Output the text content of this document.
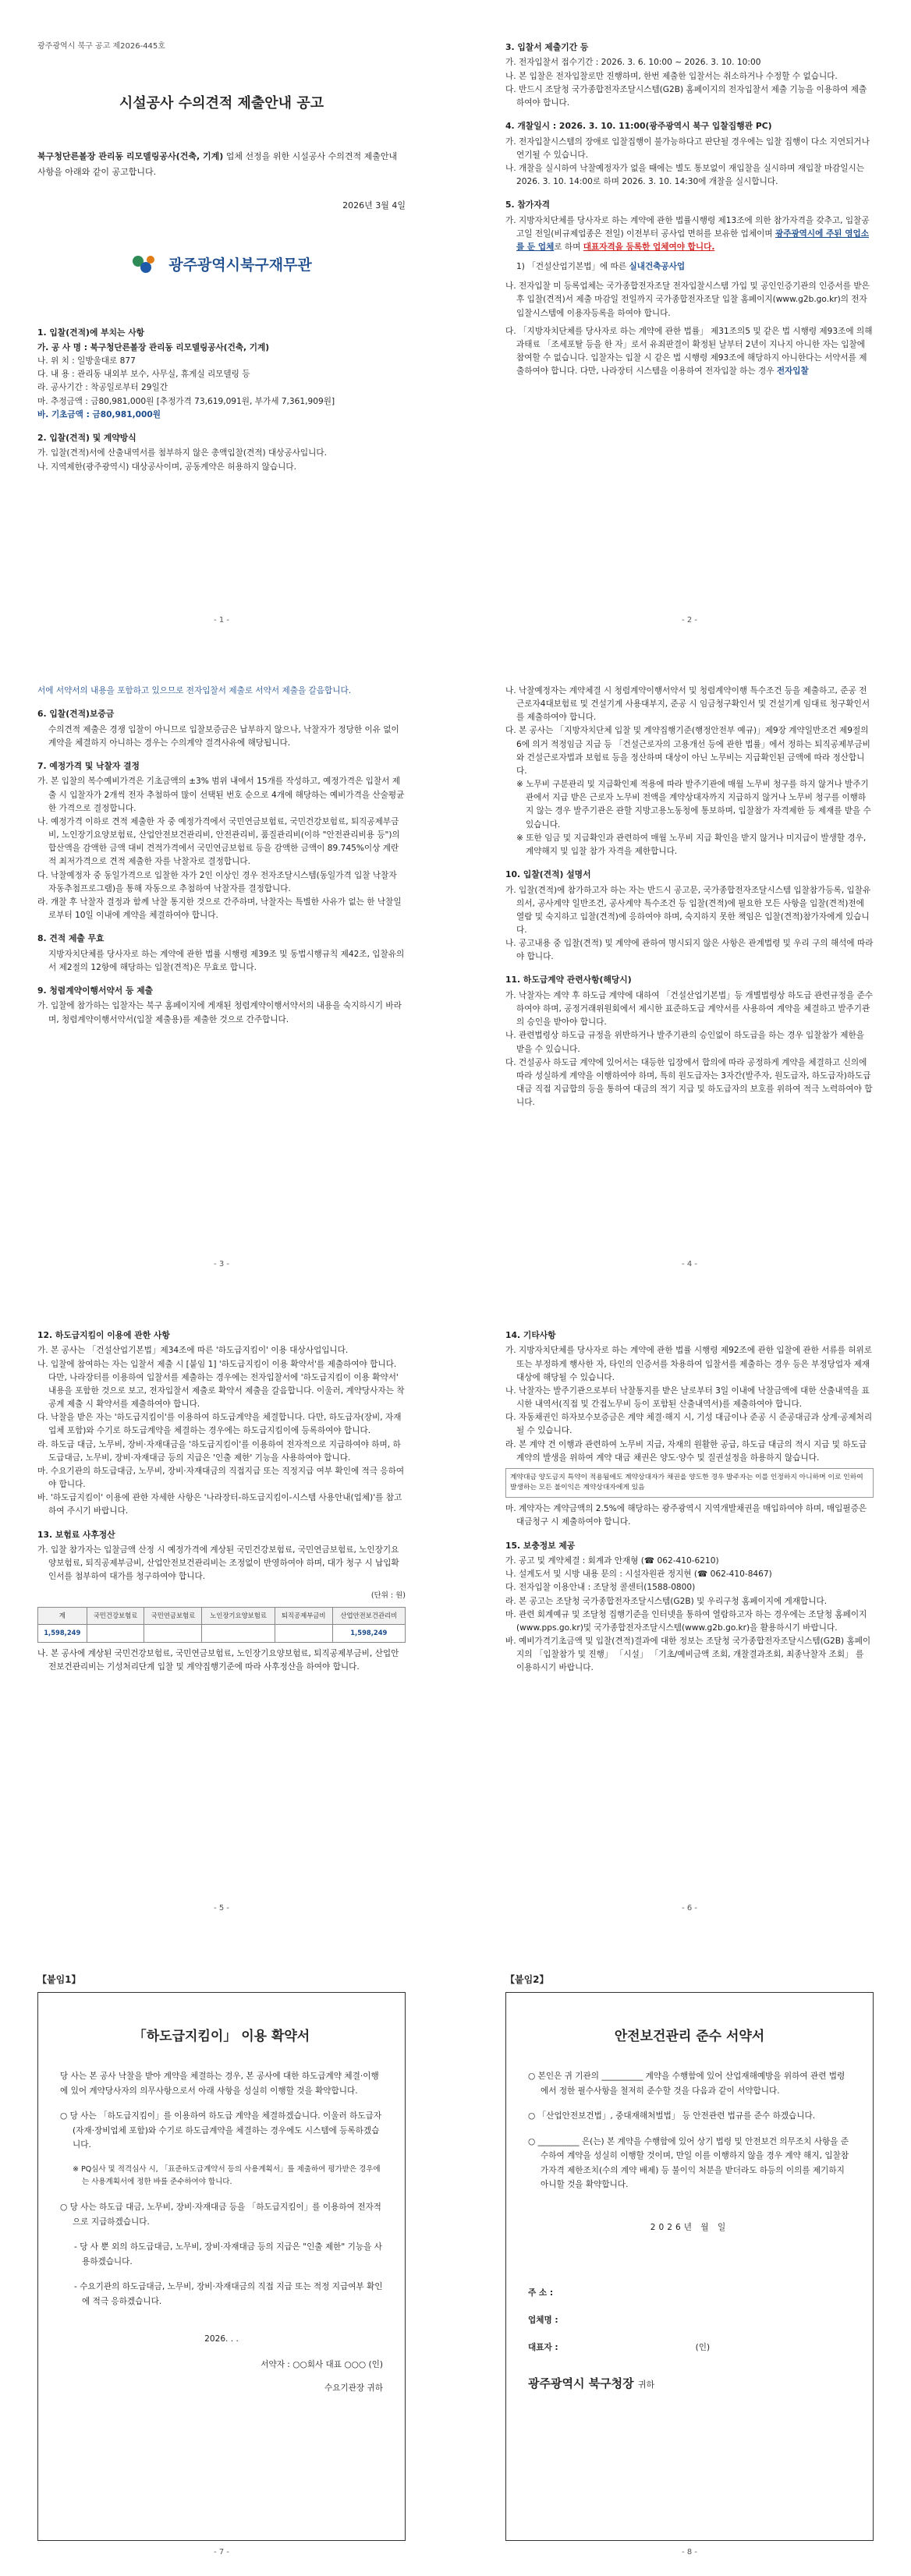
광주광역시 북구 공고 제2026-445호
시설공사 수의견적 제출안내 공고
북구청단른볼장 관리동 리모델링공사(건축, 기계) 업체 선정을 위한 시설공사 수의견적 제출안내 사항을 아래와 같이 공고합니다.
2026년 3월 4일
광주광역시북구재무관
1. 입찰(견적)에 부치는 사항
가. 공 사 명 : 북구청단른볼장 관리동 리모델링공사(건축, 기계)
나. 위 치 : 일방울대로 877
다. 내 용 : 관리동 내외부 보수, 사무실, 휴게실 리모델링 등
라. 공사기간 : 착공일로부터 29일간
마. 추정금액 : 금80,981,000원 [추정가격 73,619,091원, 부가세 7,361,909원]
바. 기초금액 : 금80,981,000원
2. 입찰(견적) 및 계약방식
가. 입찰(견적)서에 산출내역서를 첨부하지 않은 총액입찰(견적) 대상공사입니다.
나. 지역제한(광주광역시) 대상공사이며, 공동계약은 허용하지 않습니다.
- 1 -
3. 입찰서 제출기간 등
가. 전자입찰서 접수기간 : 2026. 3. 6. 10:00 ~ 2026. 3. 10. 10:00
나. 본 입찰은 전자입찰로만 진행하며, 한번 제출한 입찰서는 취소하거나 수정할 수 없습니다.
다. 반드시 조달청 국가종합전자조달시스템(G2B) 홈페이지의 전자입찰서 제출 기능을 이용하여 제출하여야 합니다.
4. 개찰일시 : 2026. 3. 10. 11:00(광주광역시 북구 입찰집행관 PC)
가. 전자입찰시스템의 장애로 입찰집행이 불가능하다고 판단될 경우에는 입찰 집행이 다소 지연되거나 연기될 수 있습니다.
나. 개찰을 실시하여 낙찰예정자가 없을 때에는 별도 통보없이 재입찰을 실시하며 재입찰 마감일시는 2026. 3. 10. 14:00로 하며 2026. 3. 10. 14:30에 개찰을 실시합니다.
5. 참가자격
가. 지방자치단체를 당사자로 하는 계약에 관한 법률시행령 제13조에 의한 참가자격을 갖추고, 입찰공고일 전일(비규제업종은 전일) 이전부터 공사업 면허를 보유한 업체이며 광주광역시에 주된 영업소를 둔 업체로 하며 대표자격을 등록한 업체여야 합니다.
1) 「건설산업기본법」에 따른 실내건축공사업
나. 전자입찰 미 등록업체는 국가종합전자조달 전자입찰시스템 가입 및 공인인증기관의 인증서를 받은 후 입찰(견적)서 제출 마감일 전일까지 국가종합전자조달 입찰 홈페이지(www.g2b.go.kr)의 전자입찰시스템에 이용자등록을 하여야 합니다.
다. 「지방자치단체를 당사자로 하는 계약에 관한 법률」 제31조의5 및 같은 법 시행령 제93조에 의해 과태료 「조세포탈 등을 한 자」로서 유죄판결이 확정된 날부터 2년이 지나지 아니한 자는 입찰에 참여할 수 없습니다. 입찰자는 입찰 시 같은 법 시행령 제93조에 해당하지 아니한다는 서약서를 제출하여야 합니다. 다만, 나라장터 시스템을 이용하여 전자입찰 하는 경우 전자입찰
- 2 -
서에 서약서의 내용을 포함하고 있으므로 전자입찰서 제출로 서약서 제출을 갈음합니다.
6. 입찰(견적)보증금
수의견적 제출은 경쟁 입찰이 아니므로 입찰보증금은 납부하지 않으나, 낙찰자가 정당한 이유 없이 계약을 체결하지 아니하는 경우는 수의계약 결격사유에 해당됩니다.
7. 예정가격 및 낙찰자 결정
가. 본 입찰의 복수예비가격은 기초금액의 ±3% 범위 내에서 15개를 작성하고, 예정가격은 입찰서 제출 시 입찰자가 2개씩 전자 추첨하여 많이 선택된 번호 순으로 4개에 해당하는 예비가격을 산술평균한 가격으로 결정합니다.
나. 예정가격 이하로 견적 제출한 자 중 예정가격에서 국민연금보험료, 국민건강보험료, 퇴직공제부금비, 노인장기요양보험료, 산업안전보건관리비, 안전관리비, 품질관리비(이하 "안전관리비용 등")의 합산액을 감액한 금액 대비 견적가격에서 국민연금보험료 등을 감액한 금액이 89.745%이상 계란적 최저가격으로 견적 제출한 자를 낙찰자로 결정합니다.
다. 낙찰예정자 중 동일가격으로 입찰한 자가 2인 이상인 경우 전자조달시스템(동일가격 입찰 낙찰자 자동추첨프로그램)을 통해 자동으로 추첨하여 낙찰자를 결정합니다.
라. 개찰 후 낙찰자 결정과 함께 낙찰 통지한 것으로 간주하며, 낙찰자는 특별한 사유가 없는 한 낙찰일로부터 10일 이내에 계약을 체결하여야 합니다.
8. 견적 제출 무효
지방자치단체를 당사자로 하는 계약에 관한 법률 시행령 제39조 및 동법시행규칙 제42조, 입찰유의서 제2절의 12항에 해당하는 입찰(견적)은 무효로 합니다.
9. 청렴계약이행서약서 등 제출
가. 입찰에 참가하는 입찰자는 북구 홈페이지에 게재된 청렴계약이행서약서의 내용을 숙지하시기 바라며, 청렴계약이행서약서(입찰 제출용)를 제출한 것으로 간주합니다.
- 3 -
나. 낙찰예정자는 계약체결 시 청렴계약이행서약서 및 청렴계약이행 특수조건 등을 제출하고, 준공 전 근로자4대보험료 및 건설기계 사용대부지, 준공 시 임금청구확인서 및 건설기계 임대료 청구확인서를 제출하여야 합니다.
다. 본 공사는 「지방자치단체 입찰 및 계약집행기준(행정안전부 예규)」제9장 계약일반조건 제9절의6에 의거 적정임금 지급 등 「건설근로자의 고용개선 등에 관한 법률」에서 정하는 퇴직공제부금비와 건설근로자법과 보험료 등을 정산하며 대상이 아닌 노무비는 지급확인된 금액에 따라 정산합니다.
※ 노무비 구분관리 및 지급확인제 적용에 따라 발주기관에 매월 노무비 청구를 하지 않거나 발주기관에서 지급 받은 근로자 노무비 전액을 계약상대자까지 지급하지 않거나 노무비 청구를 이행하지 않는 경우 발주기관은 관할 지방고용노동청에 통보하며, 입찰참가 자격제한 등 제재를 받을 수 있습니다.
※ 또한 임금 및 지급확인과 관련하여 매월 노무비 지급 확인을 받지 않거나 미지급이 발생할 경우, 계약해지 및 입찰 참가 자격을 제한합니다.
10. 입찰(견적) 설명서
가. 입찰(견적)에 참가하고자 하는 자는 반드시 공고문, 국가종합전자조달시스템 입찰참가등록, 입찰유의서, 공사계약 일반조건, 공사계약 특수조건 등 입찰(견적)에 필요한 모든 사항을 입찰(견적)전에 열람 및 숙지하고 입찰(견적)에 응하여야 하며, 숙지하지 못한 책임은 입찰(견적)참가자에게 있습니다.
나. 공고내용 중 입찰(견적) 및 계약에 관하여 명시되지 않은 사항은 관계법령 및 우리 구의 해석에 따라야 합니다.
11. 하도급계약 관련사항(해당시)
가. 낙찰자는 계약 후 하도급 계약에 대하여 「건설산업기본법」등 개별법령상 하도급 관련규정을 준수하여야 하며, 공정거래위원회에서 제시한 표준하도급 계약서를 사용하여 계약을 체결하고 발주기관의 승인을 받아야 합니다.
나. 관련법령상 하도급 규정을 위반하거나 발주기관의 승인없이 하도급을 하는 경우 입찰참가 제한을 받을 수 있습니다.
다. 건설공사 하도급 계약에 있어서는 대등한 입장에서 합의에 따라 공정하게 계약을 체결하고 신의에 따라 성실하게 계약을 이행하여야 하며, 특히 원도급자는 3자간(발주자, 원도급자, 하도급자)하도급 대금 직접 지급합의 등을 통하여 대금의 적기 지급 및 하도급자의 보호를 위하여 적극 노력하여야 합니다.
- 4 -
12. 하도급지킴이 이용에 관한 사항
가. 본 공사는 「건설산업기본법」제34조에 따른 '하도급지킴이' 이용 대상사업입니다.
나. 입찰에 참여하는 자는 입찰서 제출 시 [붙임 1] '하도급지킴이 이용 확약서'를 제출하여야 합니다. 다만, 나라장터를 이용하여 입찰서를 제출하는 경우에는 전자입찰서에 '하도급지킴이 이용 확약서' 내용을 포함한 것으로 보고, 전자입찰서 제출로 확약서 제출을 갈음합니다. 이울러, 계약당사자는 착공계 제출 시 확약서를 제출하여야 합니다.
다. 낙찰을 받은 자는 '하도급지킴이'를 이용하여 하도급계약을 체결합니다. 다만, 하도급자(장비, 자재업체 포함)와 수기로 하도급계약을 체결하는 경우에는 하도급지킴이에 등록하여야 합니다.
라. 하도급 대금, 노무비, 장비·자재대금을 '하도급지킴이'를 이용하여 전자적으로 지급하여야 하며, 하도급대금, 노무비, 장비·자재대금 등의 지급은 '인출 제한' 기능을 사용하여야 합니다.
마. 수요기관의 하도급대금, 노무비, 장비·자재대금의 직접지급 또는 직정지급 여부 확인에 적극 응하여야 합니다.
바. '하도급지킴이' 이용에 관한 자세한 사항은 '나라장터-하도급지킴이-시스템 사용안내(업체)'를 참고하여 주시기 바랍니다.
13. 보험료 사후정산
가. 입찰 참가자는 입찰금액 산정 시 예정가격에 계상된 국민건강보험료, 국민연금보험료, 노인장기요양보험료, 퇴직공제부금비, 산업안전보건관리비는 조정없이 반영하여야 하며, 대가 청구 시 납입확인서를 첨부하여 대가를 청구하여야 합니다.
(단위 : 원)
계	국민건강보험료	국민연금보험료	노인장기요양보험료	퇴직공제부금비	산업안전보건관리비
1,598,249					1,598,249
나. 본 공사에 계상된 국민건강보험료, 국민연금보험료, 노인장기요양보험료, 퇴직공제부금비, 산업안전보건관리비는 기성처리단계 입찰 및 계약집행기준에 따라 사후정산을 하여야 합니다.
- 5 -
14. 기타사항
가. 지방자치단체를 당사자로 하는 계약에 관한 법률 시행령 제92조에 관한 입찰에 관한 서류를 허위로 또는 부정하게 행사한 자, 타인의 인증서를 차용하여 입찰서를 제출하는 경우 등은 부정당업자 제재 대상에 해당될 수 있습니다.
나. 낙찰자는 발주기관으로부터 낙찰통지를 받은 날로부터 3일 이내에 낙찰금액에 대한 산출내역을 표시한 내역서(직접 및 간접노무비 등이 포함된 산출내역서)를 제출하여야 합니다.
다. 자동채권인 하자보수보증금은 계약 체결·해지 시, 기성 대금이나 준공 시 준공대금과 상계·공제처리 될 수 있습니다.
라. 본 계약 건 이행과 관련하여 노무비 지급, 자재의 원활한 공급, 하도급 대금의 적시 지급 및 하도급 계약의 발생을 위하여 계약 대금 채권은 양도·양수 및 질권설정을 하용하지 않습니다.
계약대금 양도금지 특약이 적용됨에도 계약상대자가 채권을 양도한 경우 발주자는 이를 인정하지 아니하며 이로 인하여 발생하는 모든 불이익은 계약상대자에게 있음
마. 계약자는 계약금액의 2.5%에 해당하는 광주광역시 지역개발채권을 매입하여야 하며, 매입필증은 대금청구 시 제출하여야 합니다.
15. 보충정보 제공
가. 공고 및 계약체결 : 회계과 안재형 (☎ 062-410-6210)
나. 설계도서 및 시방 내용 문의 : 시설자원관 정지현 (☎ 062-410-8467)
다. 전자입찰 이용안내 : 조달청 콜센터(1588-0800)
라. 본 공고는 조달청 국가종합전자조달시스템(G2B) 및 우리구청 홈페이지에 게재합니다.
마. 관련 회계예규 및 조달청 집행기준을 인터넷을 통하여 열람하고자 하는 경우에는 조달청 홈페이지(www.pps.go.kr)및 국가종합전자조달시스템(www.g2b.go.kr)을 활용하시기 바랍니다.
바. 예비가격기초금액 및 입찰(견적)결과에 대한 정보는 조달청 국가종합전자조달시스템(G2B) 홈페이지의 「입찰참가 및 진행」 「시설」 「기초/예비금액 조회, 개찰결과조회, 최종낙찰자 조회」 를 이용하시기 바랍니다.
- 6 -
【붙임1】
「하도급지킴이」 이용 확약서
당 사는 본 공사 낙찰을 받아 계약을 체결하는 경우, 본 공사에 대한 하도급계약 체결·이행에 있어 계약당사자의 의무사항으로서 아래 사항을 성실히 이행할 것을 확약합니다.
○ 당 사는 「하도급지킴이」를 이용하여 하도급 계약을 체결하겠습니다. 이울러 하도급자(자재·장비업체 포함)와 수기로 하도급계약을 체결하는 경우에도 시스템에 등록하겠습니다.
※ PQ심사 및 적격심사 시, 「표준하도급계약서 등의 사용계획서」를 제출하여 평가받은 경우에는 사용계획서에 정한 바를 준수하여야 합니다.
○ 당 사는 하도급 대금, 노무비, 장비·자재대금 등을 「하도급지킴이」를 이용하여 전자적으로 지급하겠습니다.
- 당 사 뿐 외의 하도급대금, 노무비, 장비·자재대금 등의 지급은 "인출 제한" 기능을 사용하겠습니다.
- 수요기관의 하도급대금, 노무비, 장비·자재대금의 직접 지급 또는 적정 지급여부 확인에 적극 응하겠습니다.
2026. . .
서약자 : ○○회사 대표 ○○○ (인)
수요기관장 귀하
- 7 -
【붙임2】
안전보건관리 준수 서약서
○ 본인은 귀 기관의 __________ 계약을 수행함에 있어 산업재해예방을 위하여 관련 법령에서 정한 필수사항을 철저히 준수할 것을 다음과 같이 서약합니다.
○ 「산업안전보건법」, 중대재해처벌법」 등 안전관련 법규를 준수 하겠습니다.
○ __________ 은(는) 본 계약을 수행함에 있어 상기 법령 및 안전보건 의무조치 사항을 준수하여 계약을 성실히 이행할 것이며, 만일 이를 이행하지 않을 경우 계약 해지, 입찰참가자격 제한조치(수의 계약 배제) 등 불이익 처분을 받더라도 하등의 이의를 제기하지 아니할 것을 확약합니다.
2026년 월 일
주 소 :
업체명 :
대표자 :	(인)
광주광역시 북구청장 귀하
- 8 -
